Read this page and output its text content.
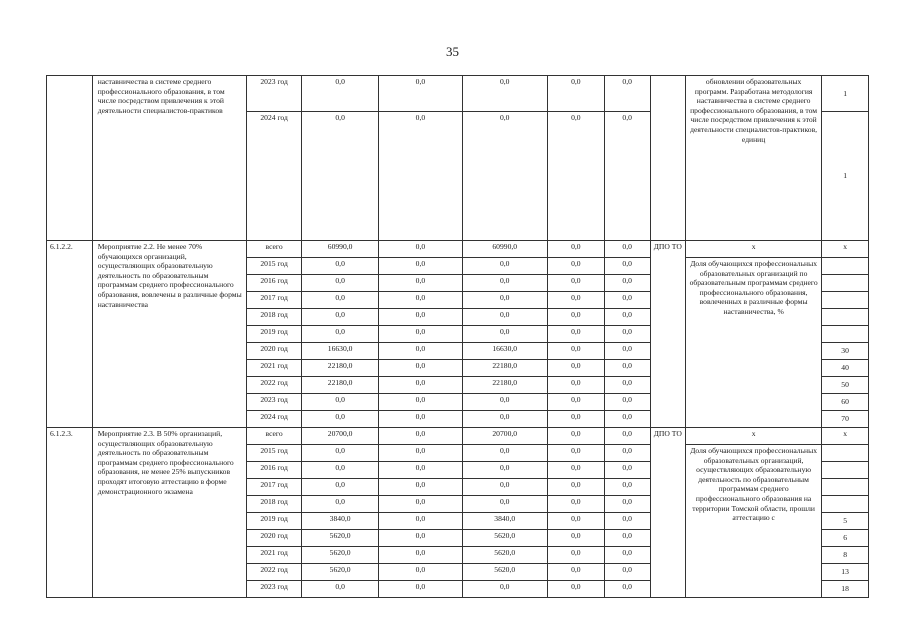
35
	наставничества в системе среднего профессионального образования, в том числе посредством привлечения к этой деятельности специалистов-практиков	2023 год	0,0	0,0	0,0	0,0	0,0		обновлении образовательных программ. Разработана методология наставничества в системе среднего профессионального образования, в том числе посредством привлечения к этой деятельности специалистов-практиков, единиц	1
		2024 год	0,0	0,0	0,0	0,0	0,0			1
6.1.2.2.	Мероприятие 2.2. Не менее 70% обучающихся организаций, осуществляющих образовательную деятельность по образовательным программам среднего профессионального образования, вовлечены в различные формы наставничества	всего	60990,0	0,0	60990,0	0,0	0,0	ДПО ТО	x	x
		2015 год	0,0	0,0	0,0	0,0	0,0		Доля обучающихся профессиональных образовательных организаций по образовательным программам среднего профессионального образования, вовлеченных в различные формы наставничества, %	
		2016 год	0,0	0,0	0,0	0,0	0,0			
		2017 год	0,0	0,0	0,0	0,0	0,0			
		2018 год	0,0	0,0	0,0	0,0	0,0			
		2019 год	0,0	0,0	0,0	0,0	0,0			
		2020 год	16630,0	0,0	16630,0	0,0	0,0			30
		2021 год	22180,0	0,0	22180,0	0,0	0,0			40
		2022 год	22180,0	0,0	22180,0	0,0	0,0			50
		2023 год	0,0	0,0	0,0	0,0	0,0			60
		2024 год	0,0	0,0	0,0	0,0	0,0			70
6.1.2.3.	Мероприятие 2.3. В 50% организаций, осуществляющих образовательную деятельность по образовательным программам среднего профессионального образования, не менее 25% выпускников проходят итоговую аттестацию в форме демонстрационного экзамена	всего	20700,0	0,0	20700,0	0,0	0,0	ДПО ТО	x	x
		2015 год	0,0	0,0	0,0	0,0	0,0		Доля обучающихся профессиональных образовательных организаций, осуществляющих образовательную деятельность по образовательным программам среднего профессионального образования на территории Томской области, прошли аттестацию с	
		2016 год	0,0	0,0	0,0	0,0	0,0			
		2017 год	0,0	0,0	0,0	0,0	0,0			
		2018 год	0,0	0,0	0,0	0,0	0,0			
		2019 год	3840,0	0,0	3840,0	0,0	0,0			5
		2020 год	5620,0	0,0	5620,0	0,0	0,0			6
		2021 год	5620,0	0,0	5620,0	0,0	0,0			8
		2022 год	5620,0	0,0	5620,0	0,0	0,0			13
		2023 год	0,0	0,0	0,0	0,0	0,0			18
